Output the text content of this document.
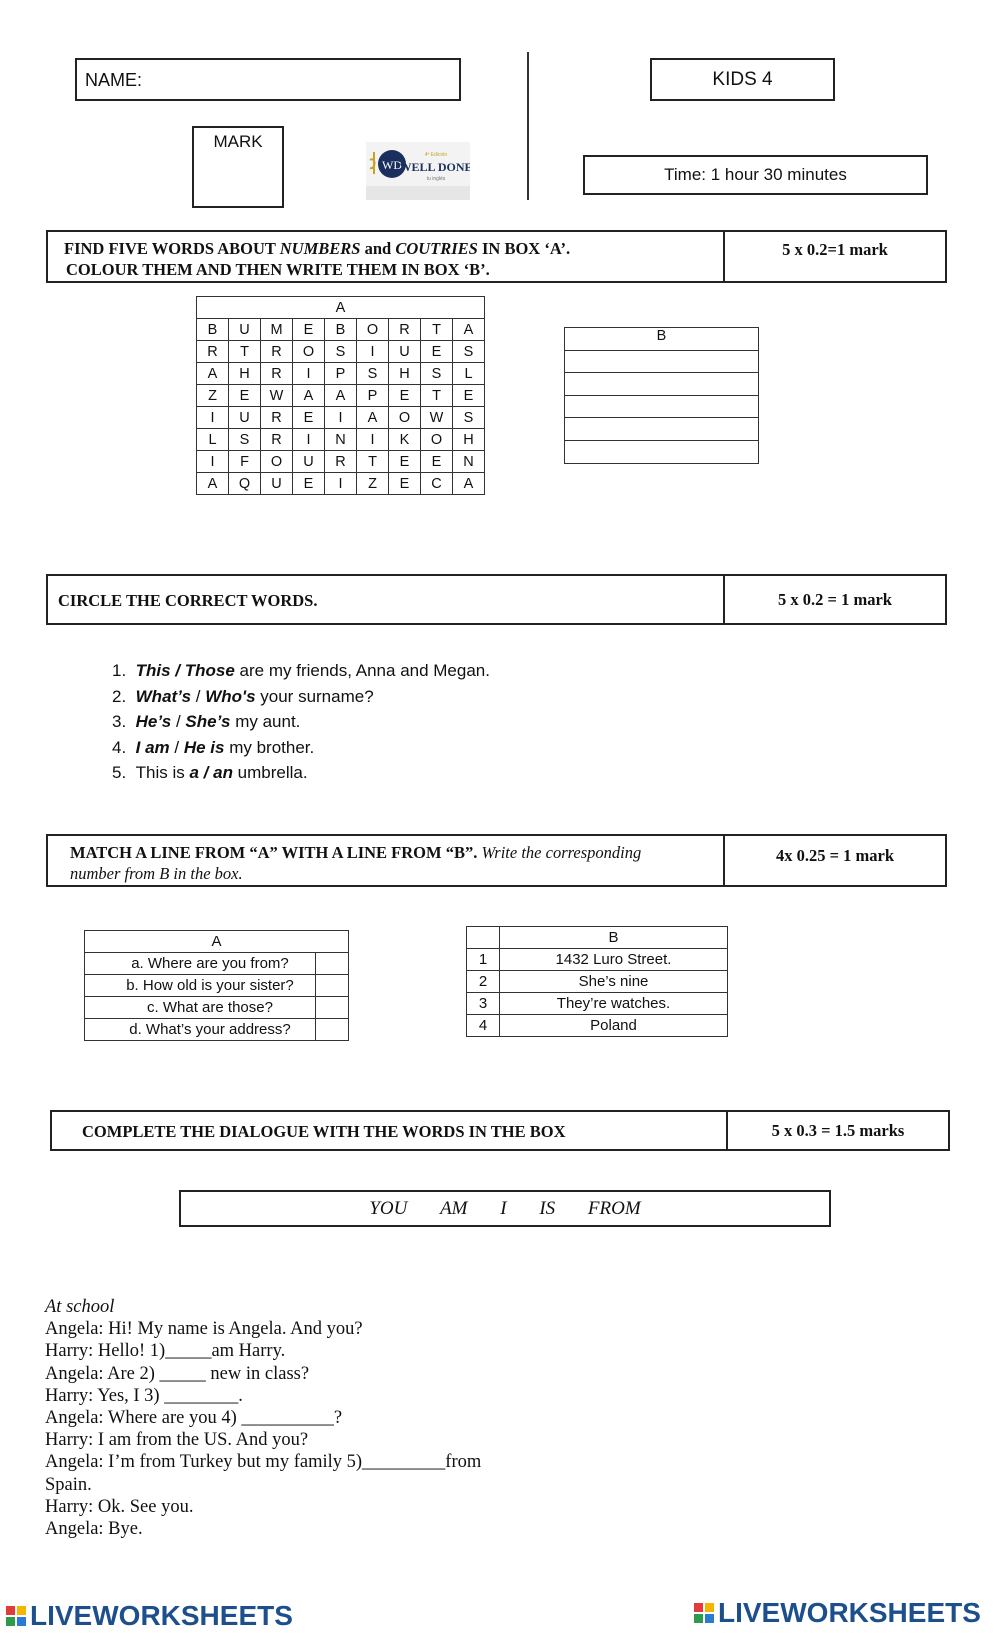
NAME:	KIDS 4
MARK
WD
4ª Edición
WELL DONE
tu inglés	Time: 1 hour 30 minutes
FIND FIVE WORDS ABOUT NUMBERS and COUTRIES IN BOX ‘A’.
COLOUR THEM AND THEN WRITE THEM IN BOX ‘B’.
5 x 0.2=1 mark
A								
B	U	M	E	B	O	R	T	A
R	T	R	O	S	I	U	E	S
A	H	R	I	P	S	H	S	L
Z	E	W	A	A	P	E	T	E
I	U	R	E	I	A	O	W	S
L	S	R	I	N	I	K	O	H
I	F	O	U	R	T	E	E	N
A	Q	U	E	I	Z	E	C	A
B
CIRCLE THE CORRECT WORDS.	5 x 0.2 = 1 mark
1. This / Those are my friends, Anna and Megan.
2. What’s / Who's your surname?
3. He’s / She’s my aunt.
4. I am / He is my brother.
5. This is a / an umbrella.
MATCH A LINE FROM “A” WITH A LINE FROM “B”. Write the corresponding
number from B in the box.
4x 0.25 = 1 mark
A	
a. Where are you from?	
b. How old is your sister?	
c. What are those?	
d. What’s your address?	
	B
1	1432 Luro Street.
2	She’s nine
3	They’re watches.
4	Poland
COMPLETE THE DIALOGUE WITH THE WORDS IN THE BOX	5 x 0.3 = 1.5 marks
YOU AM I IS FROM
At school
Angela: Hi! My name is Angela. And you?
Harry: Hello! 1)_____am Harry.
Angela: Are 2) _____ new in class?
Harry: Yes, I 3) ________.
Angela: Where are you 4) __________?
Harry: I am from the US. And you?
Angela: I’m from Turkey but my family 5)_________from
Spain.
Harry: Ok. See you.
Angela: Bye.
LIVEWORKSHEETS	LIVEWORKSHEETS
